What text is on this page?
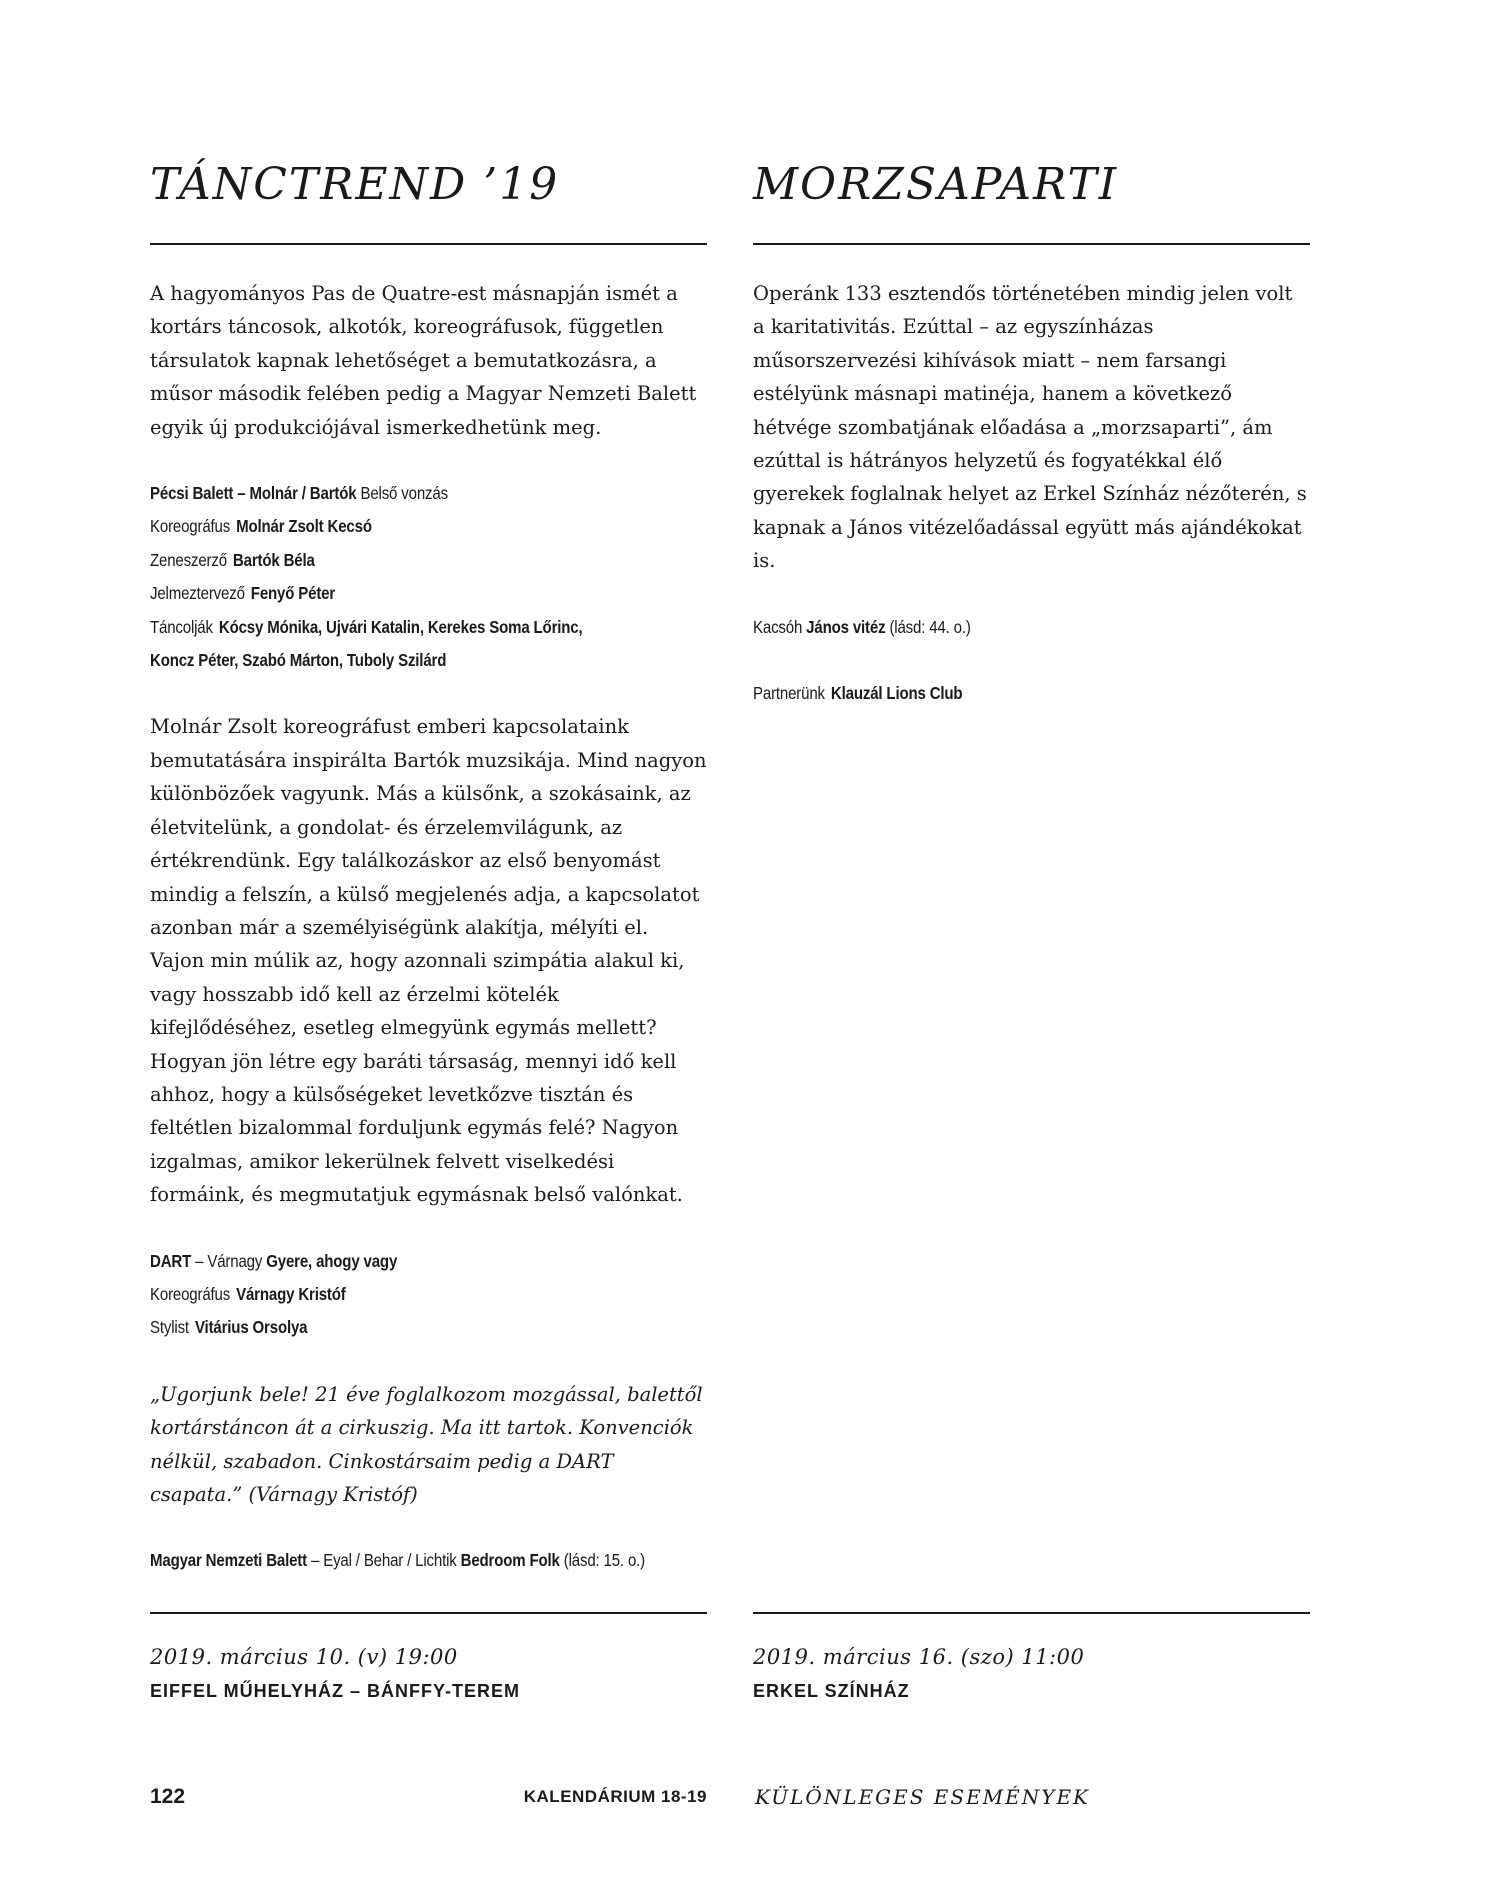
TÁNCTREND ’19

A hagyományos Pas de Quatre-est másnapján ismét a kortárs táncosok, alkotók, koreográfusok, független társulatok kapnak lehetőséget a bemutatkozásra, a műsor második felében pedig a Magyar Nemzeti Balett egyik új produkciójával ismerkedhetünk meg.

Pécsi Balett – Molnár / Bartók Belső vonzás
Koreográfus Molnár Zsolt Kecsó
Zeneszerző Bartók Béla
Jelmeztervező Fenyő Péter
Táncolják Kócsy Mónika, Ujvári Katalin, Kerekes Soma Lőrinc,
Koncz Péter, Szabó Márton, Tuboly Szilárd

Molnár Zsolt koreográfust emberi kapcsolataink bemutatására inspirálta Bartók muzsikája. Mind nagyon különbözőek vagyunk. Más a külsőnk, a szokásaink, az életvitelünk, a gondolat- és érzelemvilágunk, az értékrendünk. Egy találkozáskor az első benyomást mindig a felszín, a külső megjelenés adja, a kapcsolatot azonban már a személyiségünk alakítja, mélyíti el. Vajon min múlik az, hogy azonnali szimpátia alakul ki, vagy hosszabb idő kell az érzelmi kötelék kifejlődéséhez, esetleg elmegyünk egymás mellett? Hogyan jön létre egy baráti társaság, mennyi idő kell ahhoz, hogy a külsőségeket levetkőzve tisztán és feltétlen bizalommal forduljunk egymás felé? Nagyon izgalmas, amikor lekerülnek felvett viselkedési formáink, és megmutatjuk egymásnak belső valónkat.

DART – Várnagy Gyere, ahogy vagy
Koreográfus Várnagy Kristóf
Stylist Vitárius Orsolya

„Ugorjunk bele! 21 éve foglalkozom mozgással, balettől kortárstáncon át a cirkuszig. Ma itt tartok. Konvenciók nélkül, szabadon. Cinkostársaim pedig a DART csapata.” (Várnagy Kristóf)

Magyar Nemzeti Balett – Eyal / Behar / Lichtik Bedroom Folk (lásd: 15. o.)
2019. március 10. (v) 19:00
EIFFEL MŰHELYHÁZ – BÁNFFY-TEREM
MORZSAPARTI

Operánk 133 esztendős történetében mindig jelen volt a karitativitás. Ezúttal – az egyszínházas műsorszervezési kihívások miatt – nem farsangi estélyünk másnapi matinéja, hanem a következő hétvége szombatjának előadása a „morzsaparti”, ám ezúttal is hátrányos helyzetű és fogyatékkal élő gyerekek foglalnak helyet az Erkel Színház nézőterén, s kapnak a János vitézelőadással együtt más ajándékokat is.

Kacsóh János vitéz (lásd: 44. o.)
Partnerünk Klauzál Lions Club
2019. március 16. (szo) 11:00
ERKEL SZÍNHÁZ
122	KALENDÁRIUM 18-19 KÜLÖNLEGES ESEMÉNYEK
